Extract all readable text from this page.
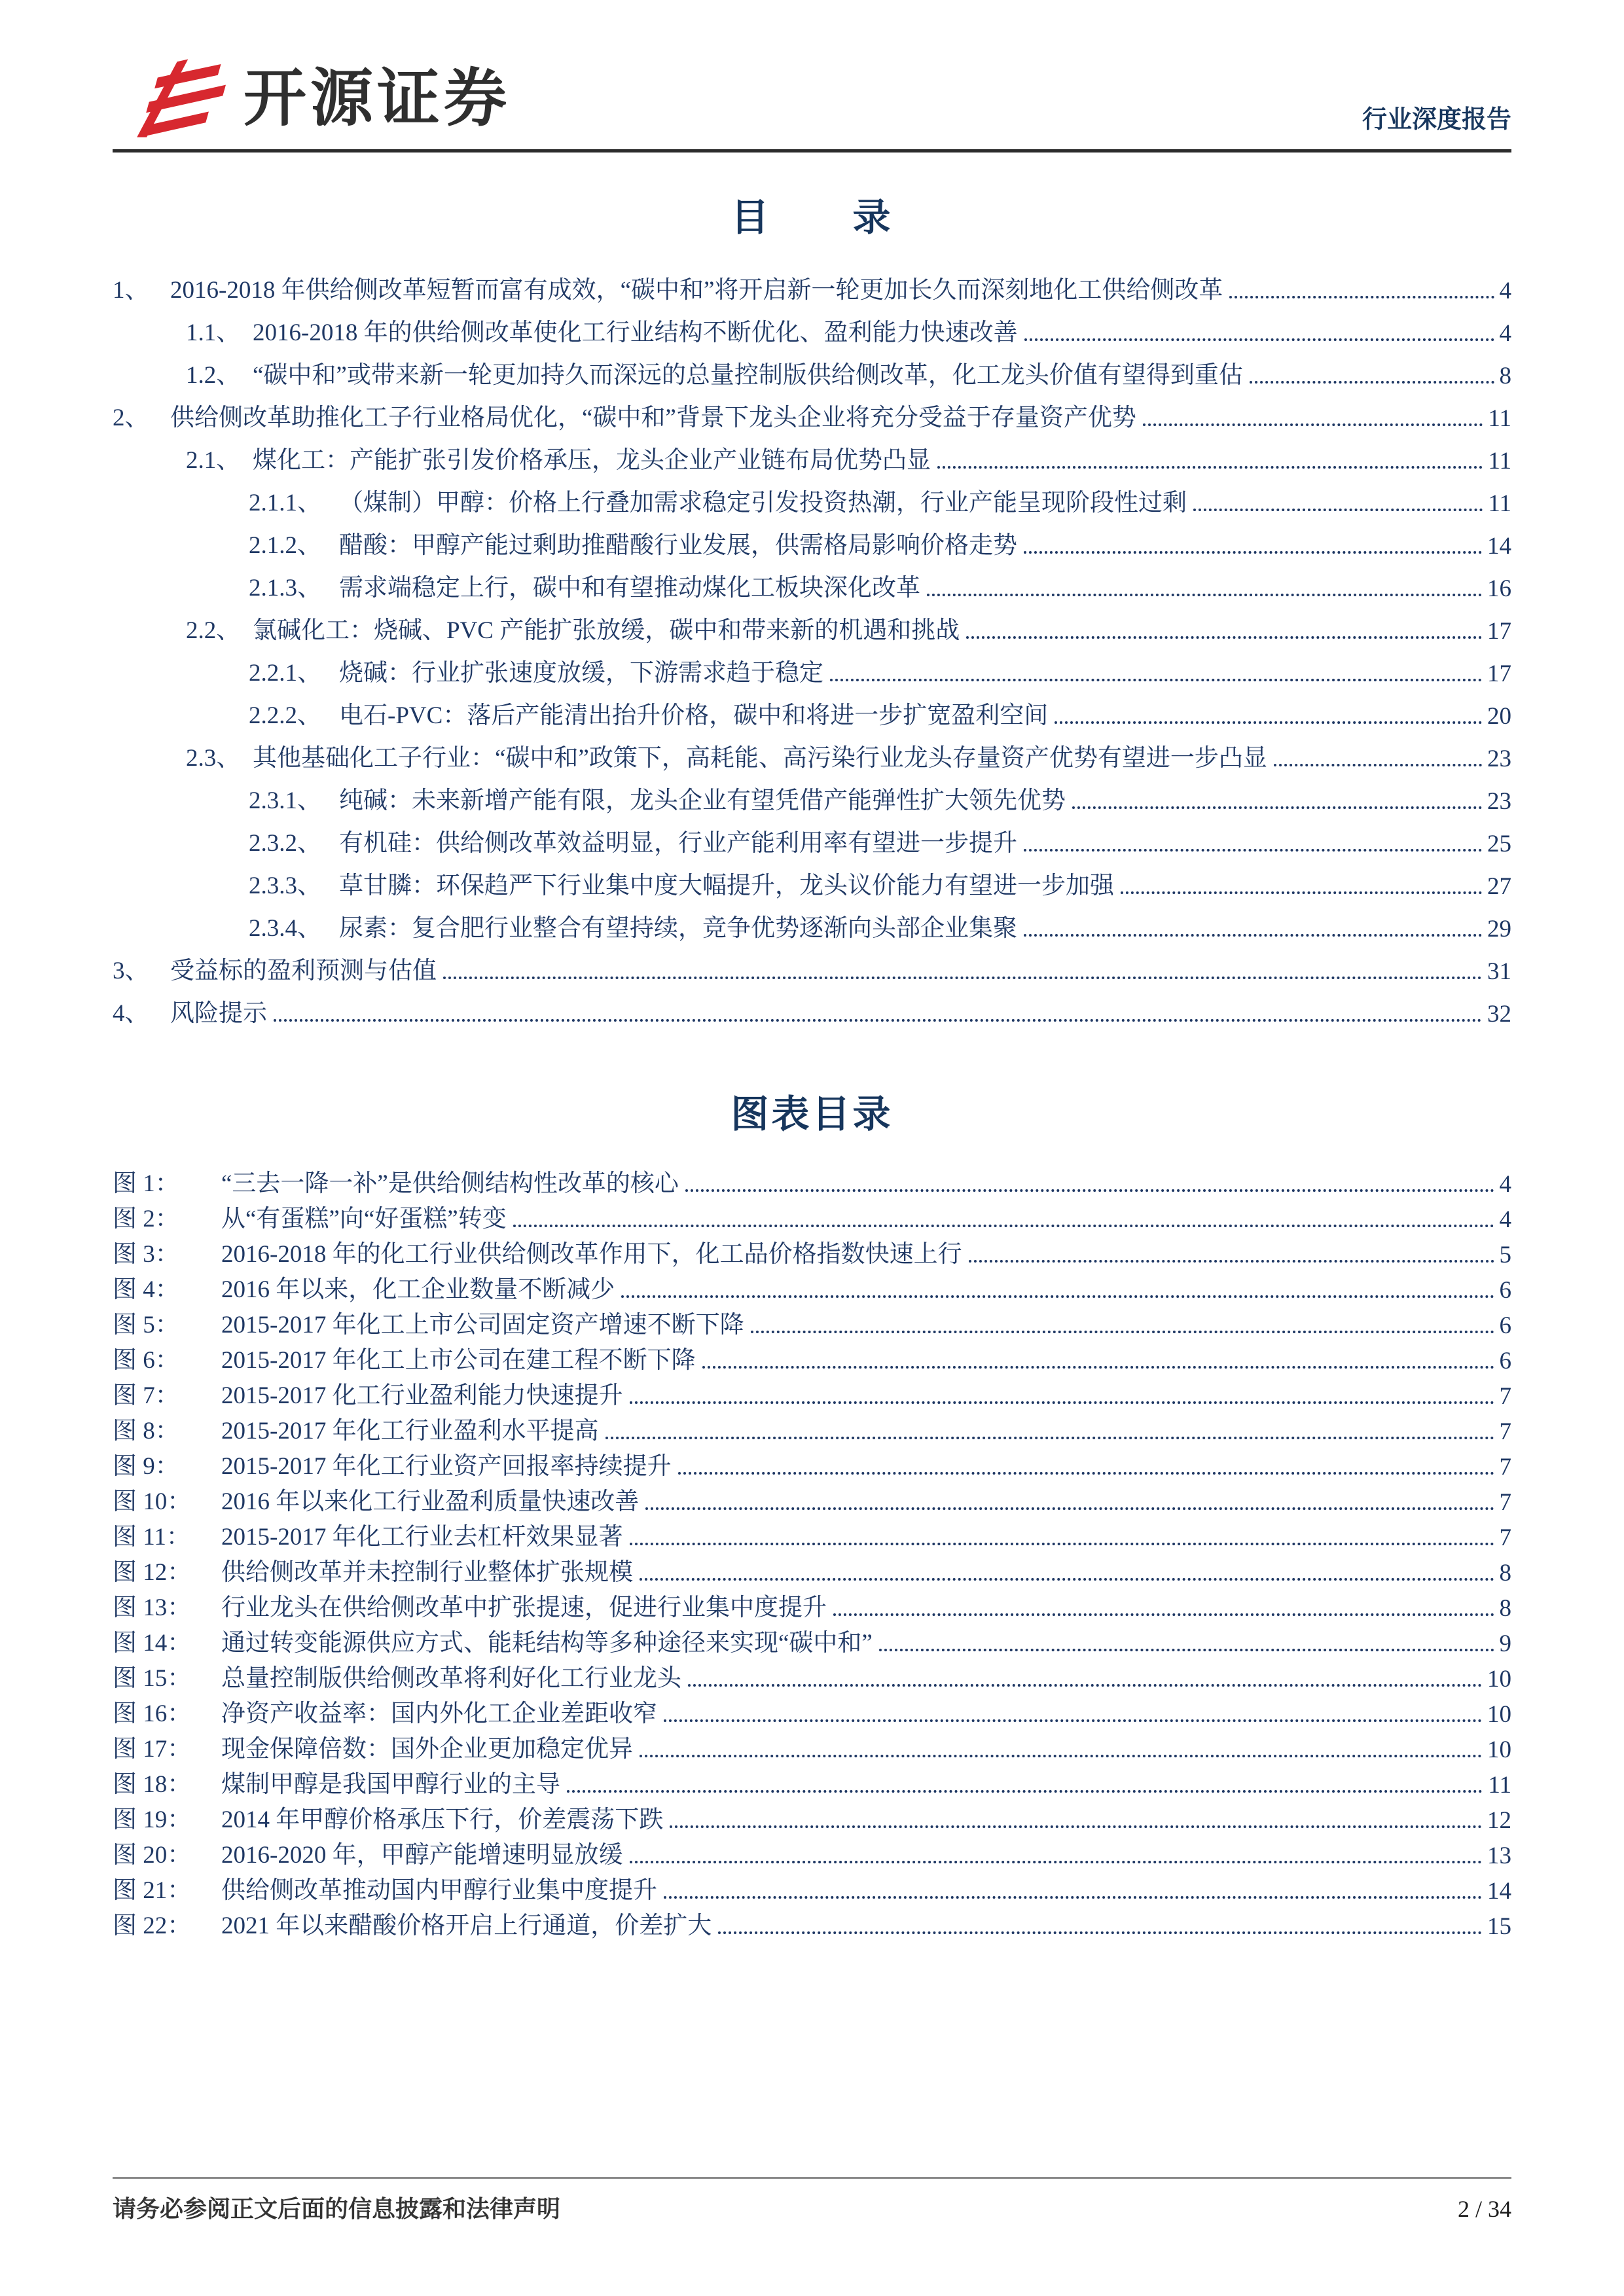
开源证券	行业深度报告
目　　录
1、 2016-2018 年供给侧改革短暂而富有成效，“碳中和”将开启新一轮更加长久而深刻地化工供给侧改革	4
1.1、 2016-2018 年的供给侧改革使化工行业结构不断优化、盈利能力快速改善	4
1.2、 “碳中和”或带来新一轮更加持久而深远的总量控制版供给侧改革，化工龙头价值有望得到重估	8
2、 供给侧改革助推化工子行业格局优化，“碳中和”背景下龙头企业将充分受益于存量资产优势	11
2.1、 煤化工：产能扩张引发价格承压，龙头企业产业链布局优势凸显	11
2.1.1、 （煤制）甲醇：价格上行叠加需求稳定引发投资热潮，行业产能呈现阶段性过剩	11
2.1.2、 醋酸：甲醇产能过剩助推醋酸行业发展，供需格局影响价格走势	14
2.1.3、 需求端稳定上行，碳中和有望推动煤化工板块深化改革	16
2.2、 氯碱化工：烧碱、PVC 产能扩张放缓，碳中和带来新的机遇和挑战	17
2.2.1、 烧碱：行业扩张速度放缓，下游需求趋于稳定	17
2.2.2、 电石-PVC：落后产能清出抬升价格，碳中和将进一步扩宽盈利空间	20
2.3、 其他基础化工子行业：“碳中和”政策下，高耗能、高污染行业龙头存量资产优势有望进一步凸显	23
2.3.1、 纯碱：未来新增产能有限，龙头企业有望凭借产能弹性扩大领先优势	23
2.3.2、 有机硅：供给侧改革效益明显，行业产能利用率有望进一步提升	25
2.3.3、 草甘膦：环保趋严下行业集中度大幅提升，龙头议价能力有望进一步加强	27
2.3.4、 尿素：复合肥行业整合有望持续，竞争优势逐渐向头部企业集聚	29
3、 受益标的盈利预测与估值	31
4、 风险提示	32
图表目录
图 1：	“三去一降一补”是供给侧结构性改革的核心	4
图 2：	从“有蛋糕”向“好蛋糕”转变	4
图 3：	2016-2018 年的化工行业供给侧改革作用下，化工品价格指数快速上行	5
图 4：	2016 年以来，化工企业数量不断减少	6
图 5：	2015-2017 年化工上市公司固定资产增速不断下降	6
图 6：	2015-2017 年化工上市公司在建工程不断下降	6
图 7：	2015-2017 化工行业盈利能力快速提升	7
图 8：	2015-2017 年化工行业盈利水平提高	7
图 9：	2015-2017 年化工行业资产回报率持续提升	7
图 10：	2016 年以来化工行业盈利质量快速改善	7
图 11：	2015-2017 年化工行业去杠杆效果显著	7
图 12：	供给侧改革并未控制行业整体扩张规模	8
图 13：	行业龙头在供给侧改革中扩张提速，促进行业集中度提升	8
图 14：	通过转变能源供应方式、能耗结构等多种途径来实现“碳中和”	9
图 15：	总量控制版供给侧改革将利好化工行业龙头	10
图 16：	净资产收益率：国内外化工企业差距收窄	10
图 17：	现金保障倍数：国外企业更加稳定优异	10
图 18：	煤制甲醇是我国甲醇行业的主导	11
图 19：	2014 年甲醇价格承压下行，价差震荡下跌	12
图 20：	2016-2020 年，甲醇产能增速明显放缓	13
图 21：	供给侧改革推动国内甲醇行业集中度提升	14
图 22：	2021 年以来醋酸价格开启上行通道，价差扩大	15
请务必参阅正文后面的信息披露和法律声明	2 / 34
